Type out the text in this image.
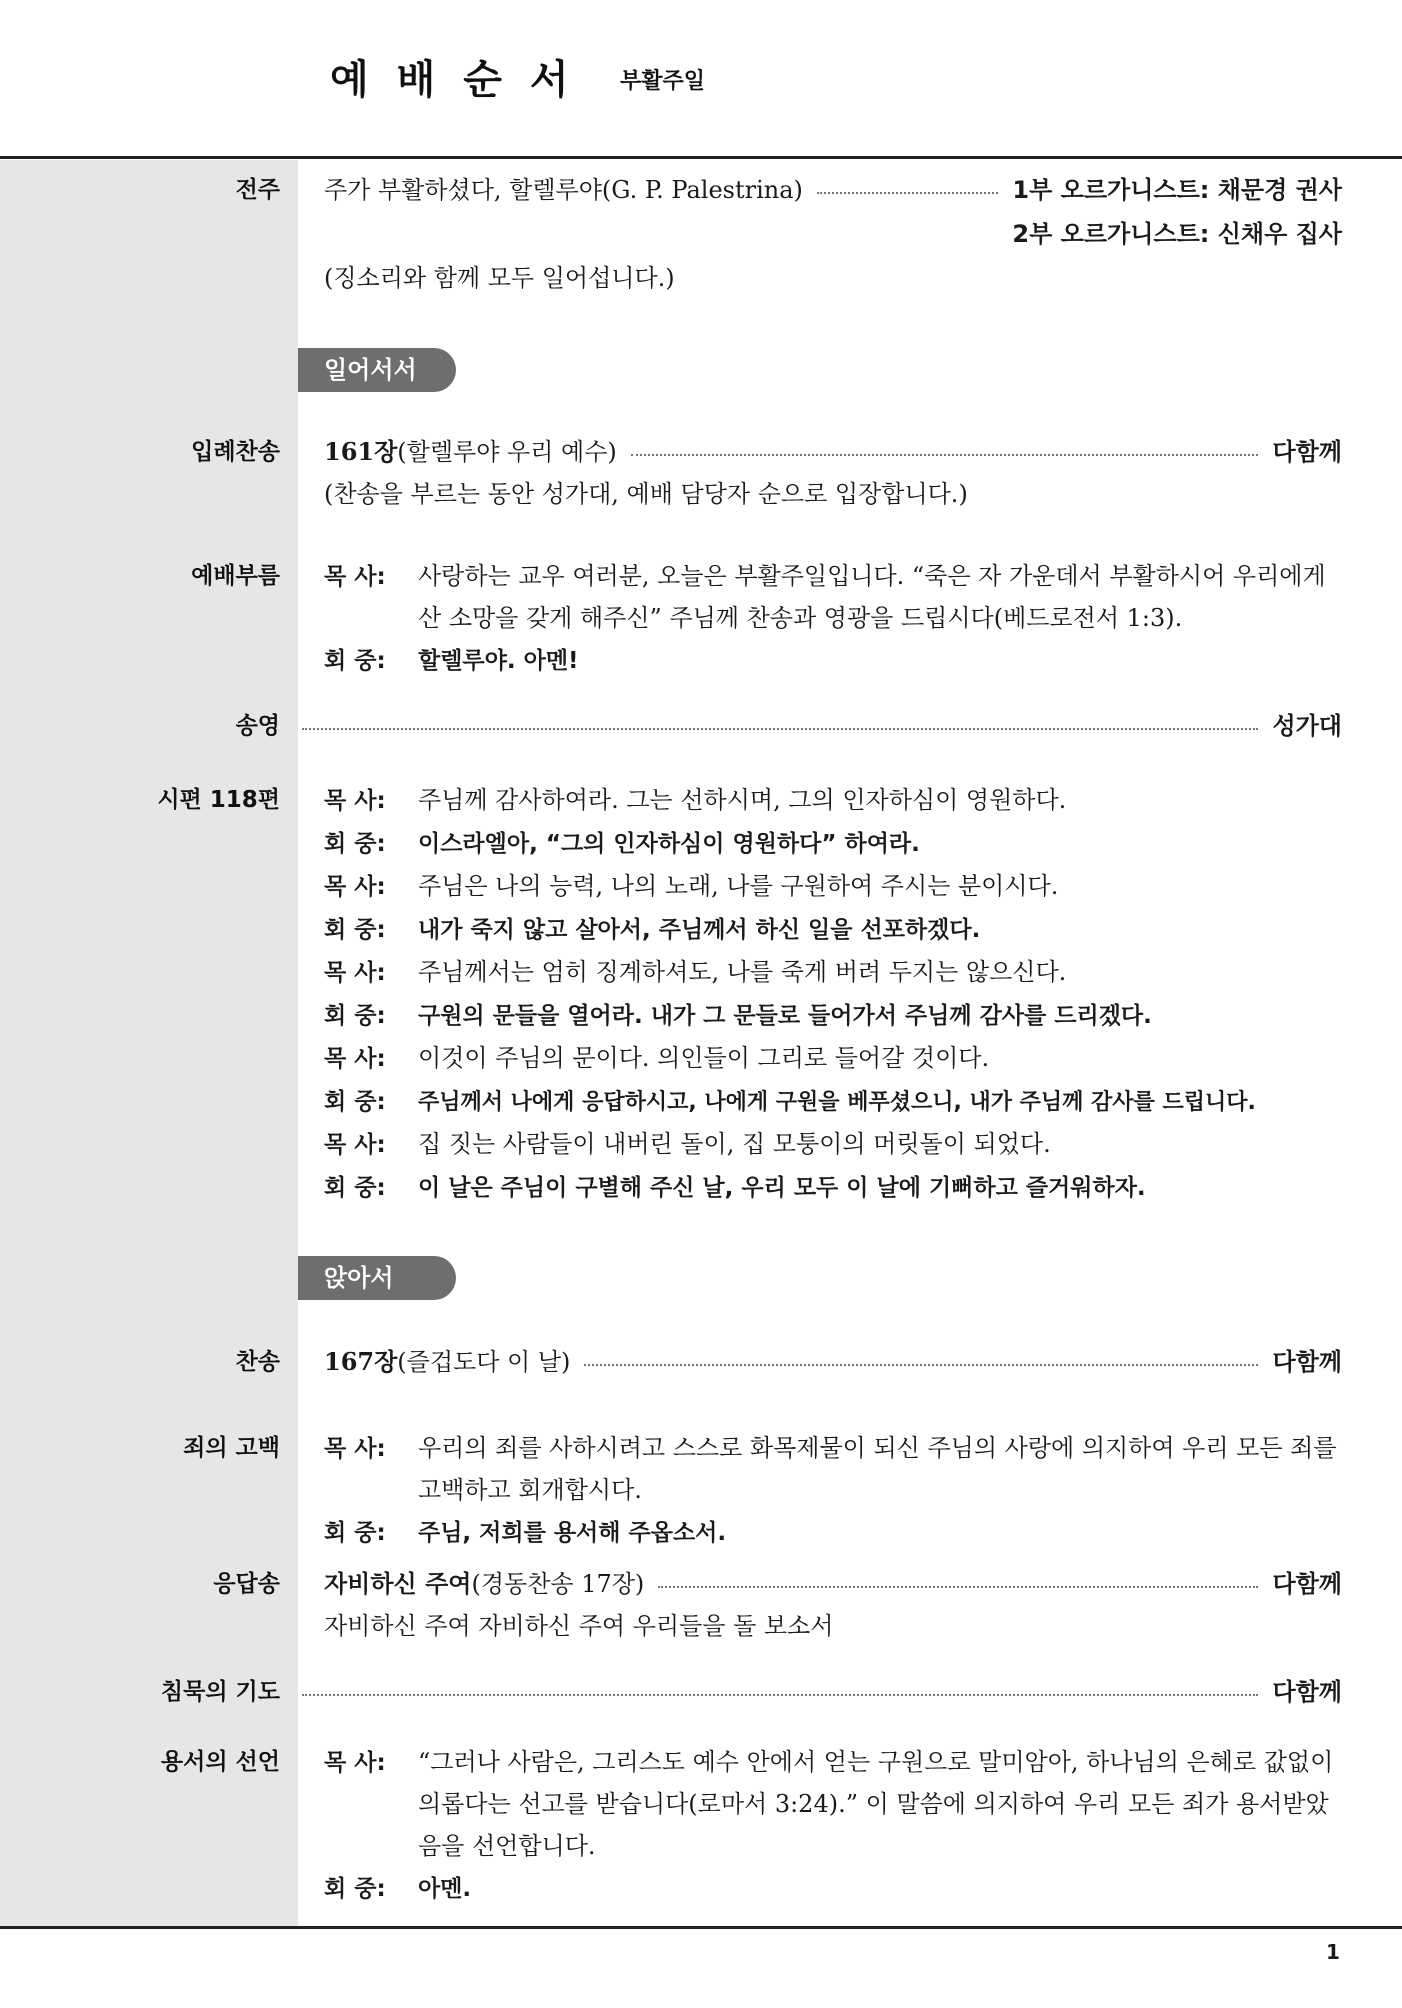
예배순서 부활주일
전주 주가 부활하셨다, 할렐루야(G. P. Palestrina)	1부 오르가니스트: 채문경 권사
2부 오르가니스트: 신채우 집사
(징소리와 함께 모두 일어섭니다.)
일어서서
입례찬송 161장 (할렐루야 우리 예수)	다함께
(찬송을 부르는 동안 성가대, 예배 담당자 순으로 입장합니다.)
예배부름 목 사: 사랑하는 교우 여러분, 오늘은 부활주일입니다. “죽은 자 가운데서 부활하시어 우리에게
산 소망을 갖게 해주신” 주님께 찬송과 영광을 드립시다(베드로전서 1:3).
회 중: 할렐루야. 아멘!
송영	성가대
시편 118편 목 사: 주님께 감사하여라. 그는 선하시며, 그의 인자하심이 영원하다.
회 중: 이스라엘아, “그의 인자하심이 영원하다” 하여라.
목 사: 주님은 나의 능력, 나의 노래, 나를 구원하여 주시는 분이시다.
회 중: 내가 죽지 않고 살아서, 주님께서 하신 일을 선포하겠다.
목 사: 주님께서는 엄히 징계하셔도, 나를 죽게 버려 두지는 않으신다.
회 중: 구원의 문들을 열어라. 내가 그 문들로 들어가서 주님께 감사를 드리겠다.
목 사: 이것이 주님의 문이다. 의인들이 그리로 들어갈 것이다.
회 중: 주님께서 나에게 응답하시고, 나에게 구원을 베푸셨으니, 내가 주님께 감사를 드립니다.
목 사: 집 짓는 사람들이 내버린 돌이, 집 모퉁이의 머릿돌이 되었다.
회 중: 이 날은 주님이 구별해 주신 날, 우리 모두 이 날에 기뻐하고 즐거워하자.
앉아서
찬송 167장 (즐겁도다 이 날)	다함께
죄의 고백 목 사: 우리의 죄를 사하시려고 스스로 화목제물이 되신 주님의 사랑에 의지하여 우리 모든 죄를
고백하고 회개합시다.
회 중: 주님, 저희를 용서해 주옵소서.
응답송 자비하신 주여 (경동찬송 17장)	다함께
자비하신 주여 자비하신 주여 우리들을 돌 보소서
침묵의 기도	다함께
용서의 선언 목 사: “그러나 사람은, 그리스도 예수 안에서 얻는 구원으로 말미암아, 하나님의 은혜로 값없이
의롭다는 선고를 받습니다(로마서 3:24).” 이 말씀에 의지하여 우리 모든 죄가 용서받았
음을 선언합니다.
회 중: 아멘.
1
